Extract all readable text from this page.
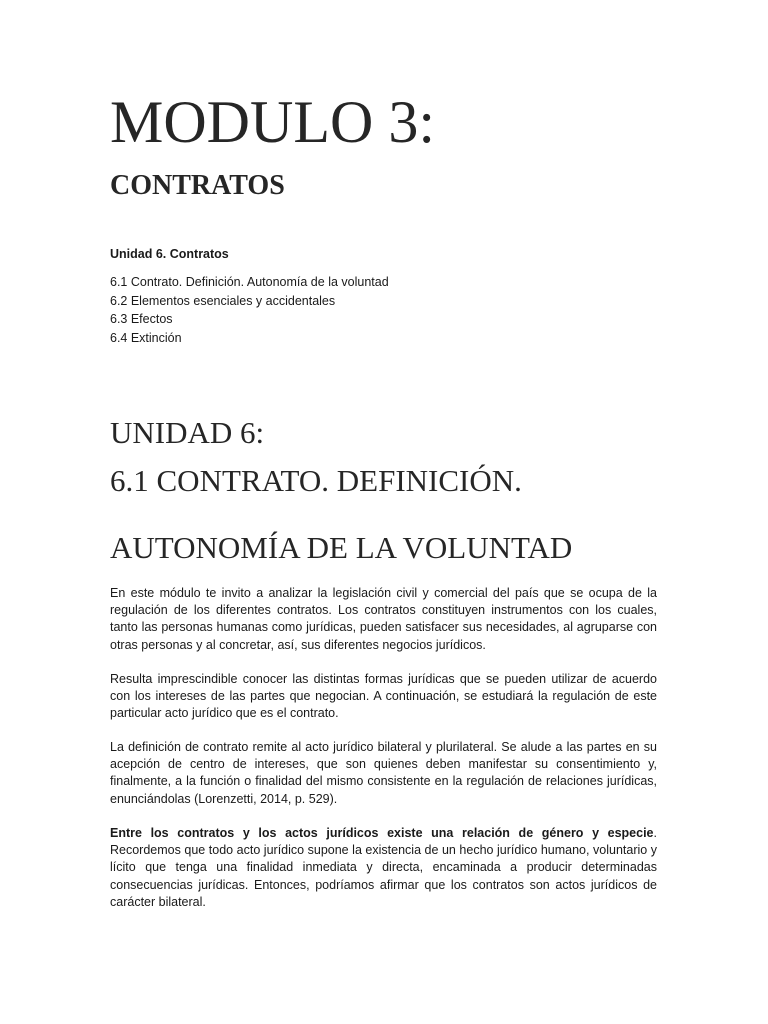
MODULO 3:
CONTRATOS

Unidad 6. Contratos

6.1 Contrato. Definición. Autonomía de la voluntad
6.2 Elementos esenciales y accidentales
6.3 Efectos
6.4 Extinción
UNIDAD 6:
6.1 CONTRATO. DEFINICIÓN.
AUTONOMÍA DE LA VOLUNTAD

En este módulo te invito a analizar la legislación civil y comercial del país que se ocupa de la regulación de los diferentes contratos. Los contratos constituyen instrumentos con los cuales, tanto las personas humanas como jurídicas, pueden satisfacer sus necesidades, al agruparse con otras personas y al concretar, así, sus diferentes negocios jurídicos.

Resulta imprescindible conocer las distintas formas jurídicas que se pueden utilizar de acuerdo con los intereses de las partes que negocian. A continuación, se estudiará la regulación de este particular acto jurídico que es el contrato.

La definición de contrato remite al acto jurídico bilateral y plurilateral. Se alude a las partes en su acepción de centro de intereses, que son quienes deben manifestar su consentimiento y, finalmente, a la función o finalidad del mismo consistente en la regulación de relaciones jurídicas, enunciándolas (Lorenzetti, 2014, p. 529).

Entre los contratos y los actos jurídicos existe una relación de género y especie. Recordemos que todo acto jurídico supone la existencia de un hecho jurídico humano, voluntario y lícito que tenga una finalidad inmediata y directa, encaminada a producir determinadas consecuencias jurídicas. Entonces, podríamos afirmar que los contratos son actos jurídicos de carácter bilateral.
